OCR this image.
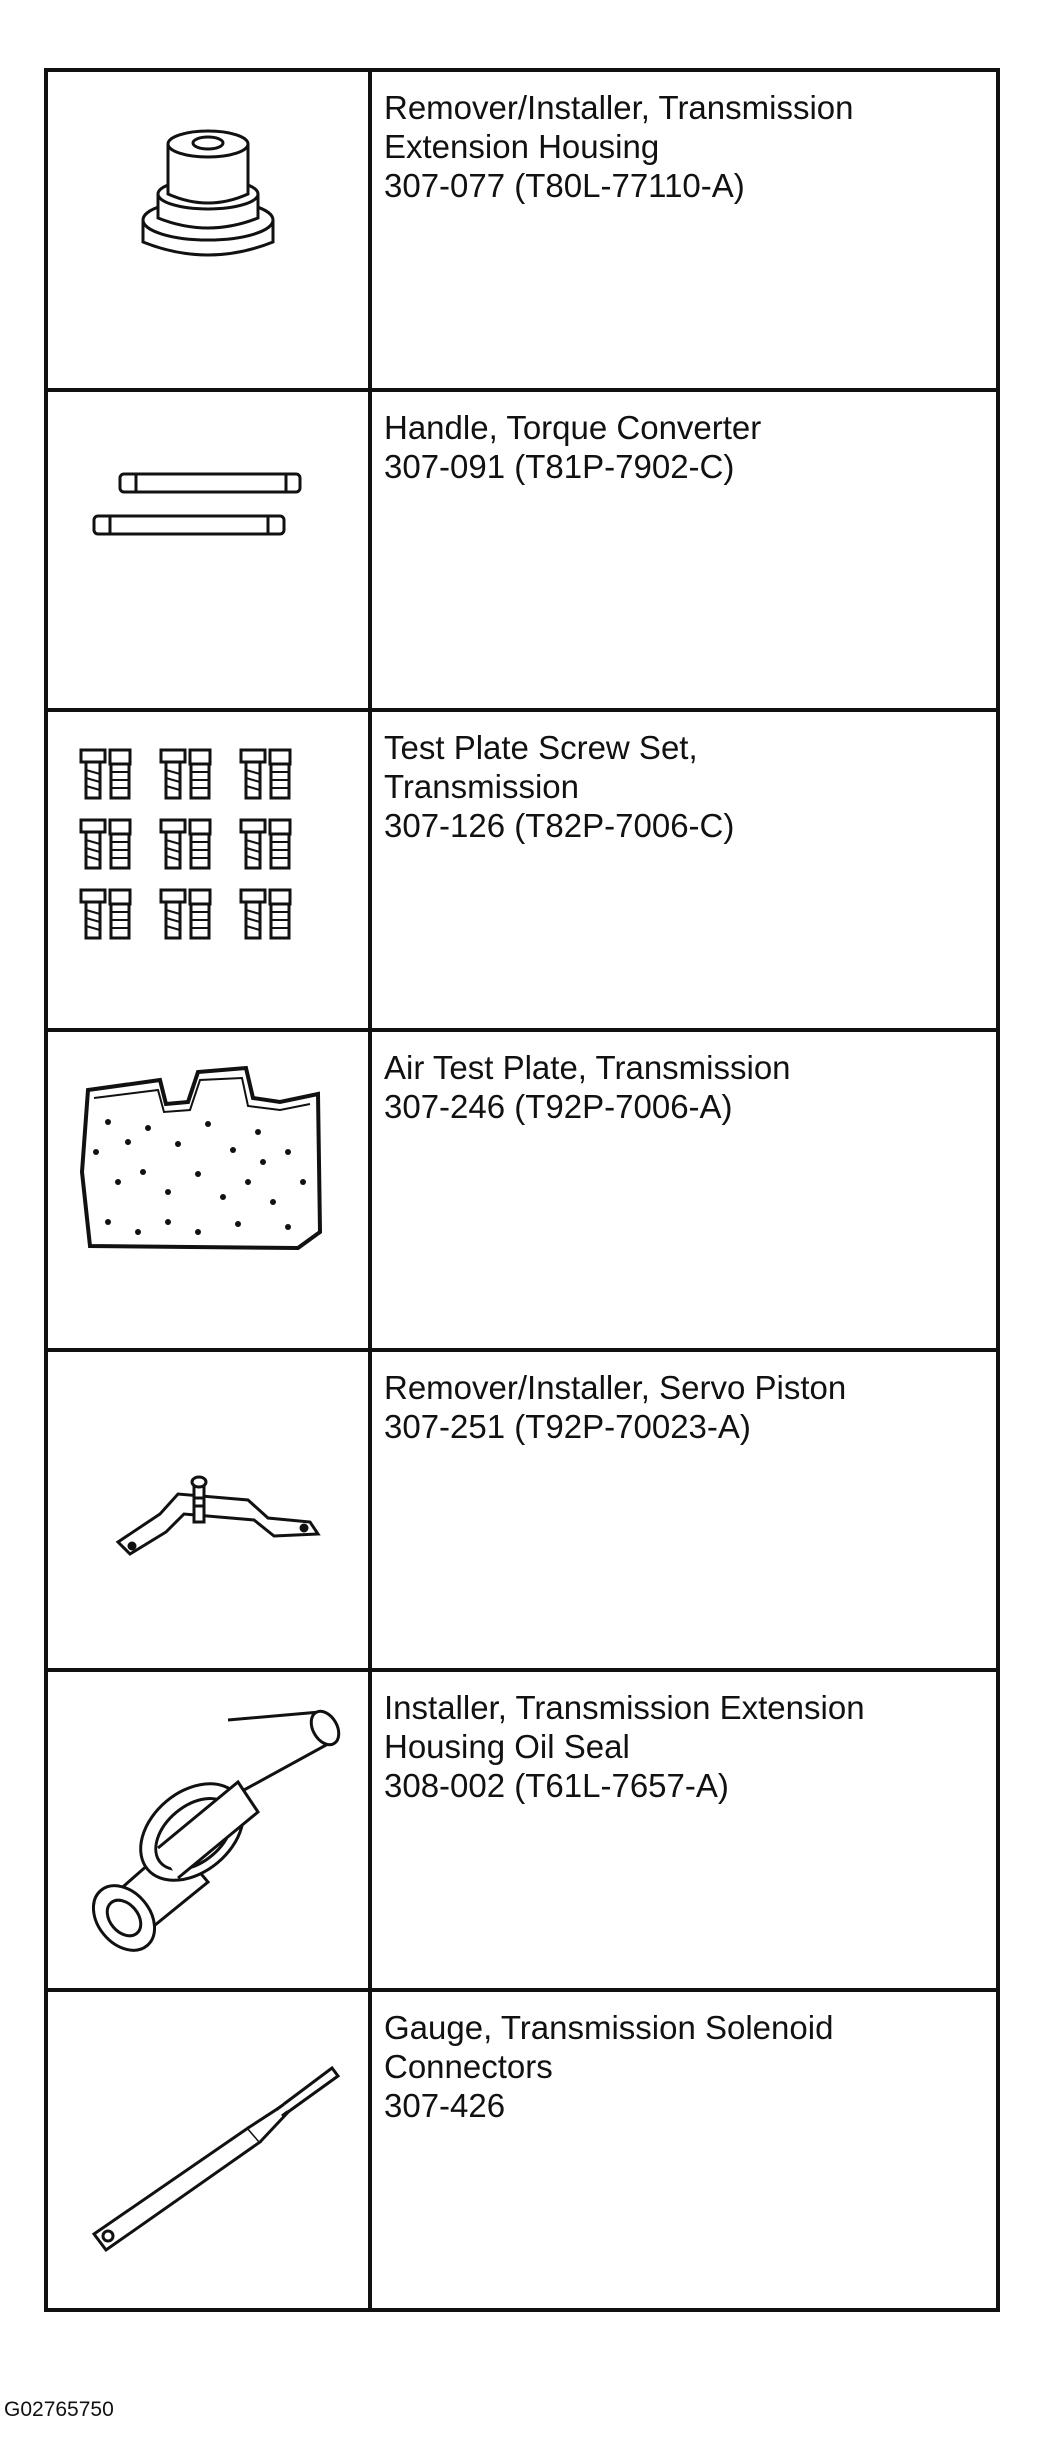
Remover/Installer, Transmission
Extension Housing
307-077 (T80L-77110-A)

Handle, Torque Converter
307-091 (T81P-7902-C)

Test Plate Screw Set,
Transmission
307-126 (T82P-7006-C)

Air Test Plate, Transmission
307-246 (T92P-7006-A)

Remover/Installer, Servo Piston
307-251 (T92P-70023-A)

Installer, Transmission Extension
Housing Oil Seal
308-002 (T61L-7657-A)

Gauge, Transmission Solenoid
Connectors
307-426
G02765750
